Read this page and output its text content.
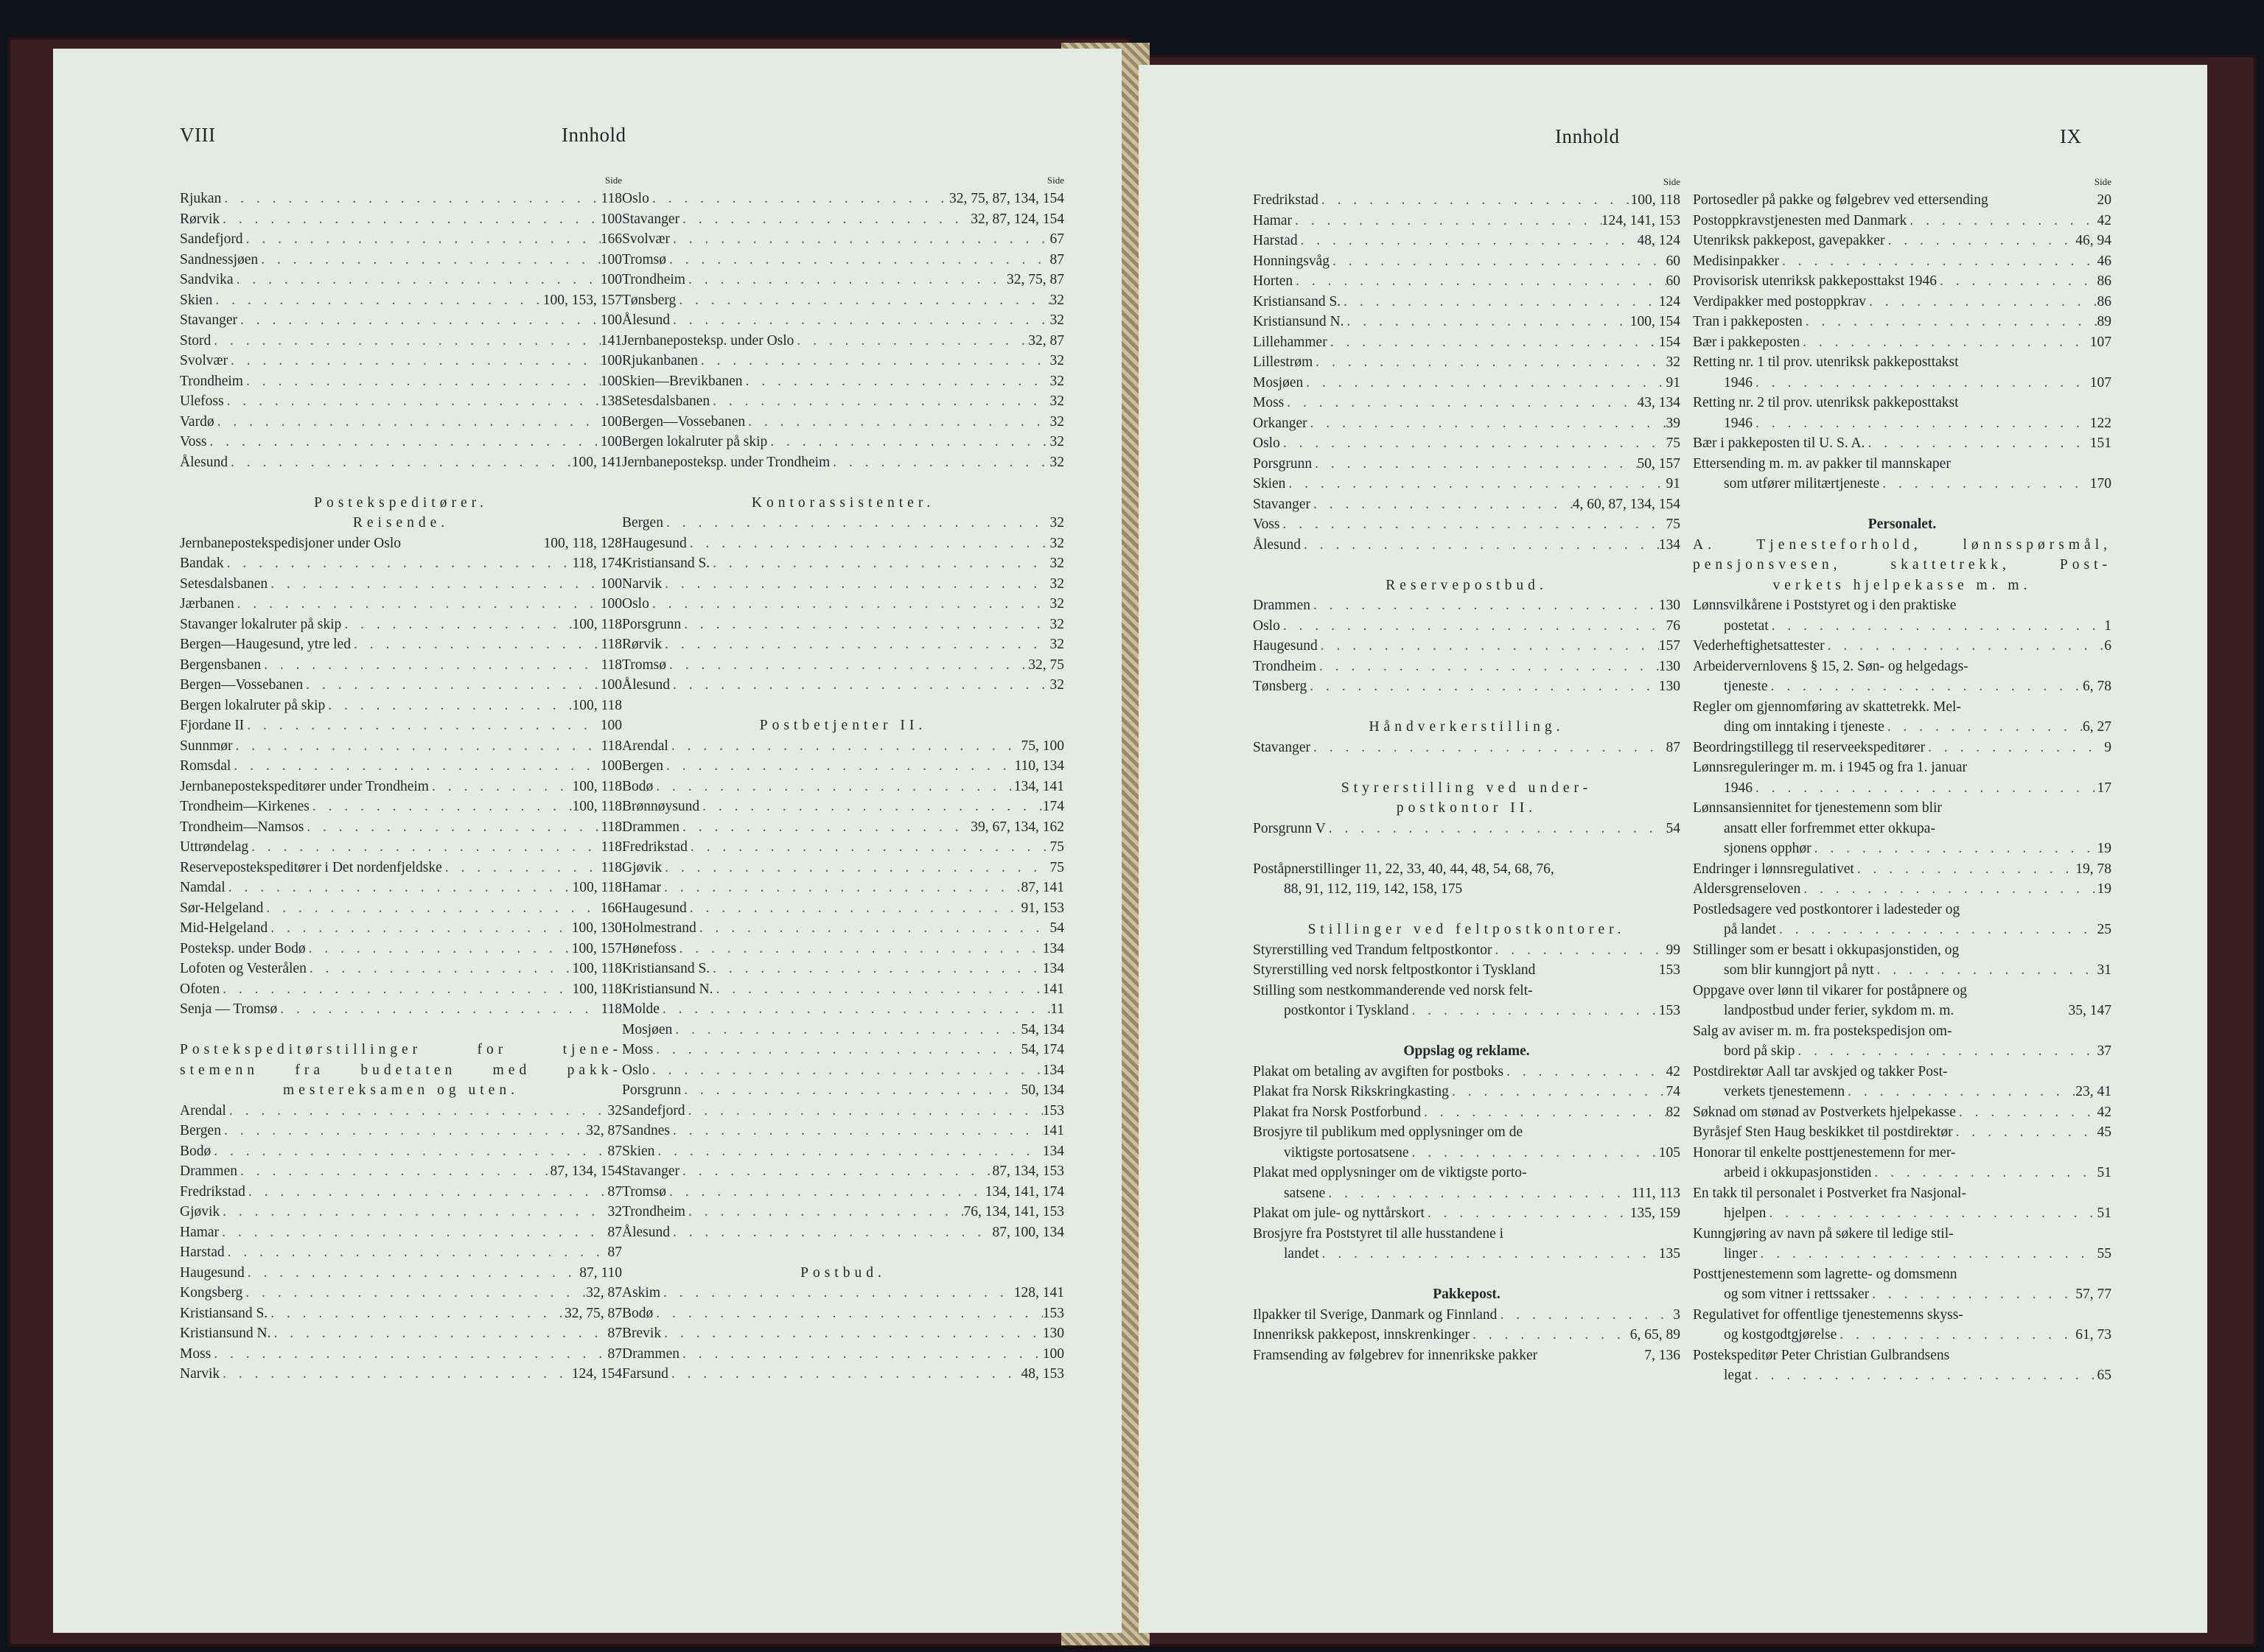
VIII	Innhold
Side
Rjukan . . .	118
Rørvik . . .	100
Sandefjord . . .	166
Sandnessjøen . . .	100
Sandvika . . .	100
Skien . . .	100, 153, 157
Stavanger . . .	100
Stord . . .	141
Svolvær . . .	100
Trondheim . . .	100
Ulefoss . . .	138
Vardø . . .	100
Voss . . .	100
Ålesund . . .	100, 141
Postekspeditører.
Reisende.
Jernbanepostekspedisjoner under Oslo	100, 118, 128
Bandak . . .	118, 174
Setesdalsbanen . . .	100
Jærbanen . . .	100
Stavanger lokalruter på skip . . .	100, 118
Bergen—Haugesund, ytre led . . .	118
Bergensbanen . . .	118
Bergen—Vossebanen . . .	100
Bergen lokalruter på skip . . .	100, 118
Fjordane II . . .	100
Sunnmør . . .	118
Romsdal . . .	100
Jernbanepostekspeditører under Trondheim . . .	100, 118
Trondheim—Kirkenes . . .	100, 118
Trondheim—Namsos . . .	118
Uttrøndelag . . .	118
Reservepostekspeditører i Det nordenfjeldske . . .	118
Namdal . . .	100, 118
Sør-Helgeland . . .	166
Mid-Helgeland . . .	100, 130
Posteksp. under Bodø . . .	100, 157
Lofoten og Vesterålen . . .	100, 118
Ofoten . . .	100, 118
Senja — Tromsø . . .	118
Postekspeditørstillinger for tjene-
stemenn fra budetaten med pakk-
mestereksamen og uten.
Arendal . . .	32
Bergen . . .	32, 87
Bodø . . .	87
Drammen . . .	87, 134, 154
Fredrikstad . . .	87
Gjøvik . . .	32
Hamar . . .	87
Harstad . . .	87
Haugesund . . .	87, 110
Kongsberg . . .	32, 87
Kristiansand S. . . .	32, 75, 87
Kristiansund N. . . .	87
Moss . . .	87
Narvik . . .	124, 154
Side
Oslo . . .	32, 75, 87, 134, 154
Stavanger . . .	32, 87, 124, 154
Svolvær . . .	67
Tromsø . . .	87
Trondheim . . .	32, 75, 87
Tønsberg . . .	32
Ålesund . . .	32
Jernbaneposteksp. under Oslo . . .	32, 87
Rjukanbanen . . .	32
Skien—Brevikbanen . . .	32
Setesdalsbanen . . .	32
Bergen—Vossebanen . . .	32
Bergen lokalruter på skip . . .	32
Jernbaneposteksp. under Trondheim . . .	32
Kontorassistenter.
Bergen . . .	32
Haugesund . . .	32
Kristiansand S. . . .	32
Narvik . . .	32
Oslo . . .	32
Porsgrunn . . .	32
Rørvik . . .	32
Tromsø . . .	32, 75
Ålesund . . .	32
Postbetjenter II.
Arendal . . .	75, 100
Bergen . . .	110, 134
Bodø . . .	134, 141
Brønnøysund . . .	174
Drammen . . .	39, 67, 134, 162
Fredrikstad . . .	75
Gjøvik . . .	75
Hamar . . .	87, 141
Haugesund . . .	91, 153
Holmestrand . . .	54
Hønefoss . . .	134
Kristiansand S. . . .	134
Kristiansund N. . . .	141
Molde . . .	11
Mosjøen . . .	54, 134
Moss . . .	54, 174
Oslo . . .	134
Porsgrunn . . .	50, 134
Sandefjord . . .	153
Sandnes . . .	141
Skien . . .	134
Stavanger . . .	87, 134, 153
Tromsø . . .	134, 141, 174
Trondheim . . .	76, 134, 141, 153
Ålesund . . .	87, 100, 134
Postbud.
Askim . . .	128, 141
Bodø . . .	153
Brevik . . .	130
Drammen . . .	100
Farsund . . .	48, 153
Innhold	IX
Side
Fredrikstad . . .	100, 118
Hamar . . .	124, 141, 153
Harstad . . .	48, 124
Honningsvåg . . .	60
Horten . . .	60
Kristiansand S. . . .	124
Kristiansund N. . . .	100, 154
Lillehammer . . .	154
Lillestrøm . . .	32
Mosjøen . . .	91
Moss . . .	43, 134
Orkanger . . .	39
Oslo . . .	75
Porsgrunn . . .	50, 157
Skien . . .	91
Stavanger . . .	4, 60, 87, 134, 154
Voss . . .	75
Ålesund . . .	134
Reservepostbud.
Drammen . . .	130
Oslo . . .	76
Haugesund . . .	157
Trondheim . . .	130
Tønsberg . . .	130
Håndverkerstilling.
Stavanger . . .	87
Styrerstilling ved under-
postkontor II.
Porsgrunn V . . .	54
Poståpnerstillinger 11, 22, 33, 40, 44, 48, 54, 68, 76,
88, 91, 112, 119, 142, 158, 175
Stillinger ved feltpostkontorer.
Styrerstilling ved Trandum feltpostkontor . . .	99
Styrerstilling ved norsk feltpostkontor i Tyskland	153
Stilling som nestkommanderende ved norsk felt-
postkontor i Tyskland . . .	153
Oppslag og reklame.
Plakat om betaling av avgiften for postboks . . .	42
Plakat fra Norsk Rikskringkasting . . .	74
Plakat fra Norsk Postforbund . . .	82
Brosjyre til publikum med opplysninger om de
viktigste portosatsene . . .	105
Plakat med opplysninger om de viktigste porto-
satsene . . .	111, 113
Plakat om jule- og nyttårskort . . .	135, 159
Brosjyre fra Poststyret til alle husstandene i
landet . . .	135
Pakkepost.
Ilpakker til Sverige, Danmark og Finnland . . .	3
Innenriksk pakkepost, innskrenkinger . . .	6, 65, 89
Framsending av følgebrev for innenrikske pakker	7, 136
Side
Portosedler på pakke og følgebrev ved ettersending	20
Postoppkravstjenesten med Danmark . . .	42
Utenriksk pakkepost, gavepakker . . .	46, 94
Medisinpakker . . .	46
Provisorisk utenriksk pakkeposttakst 1946 . . .	86
Verdipakker med postoppkrav . . .	86
Tran i pakkeposten . . .	89
Bær i pakkeposten . . .	107
Retting nr. 1 til prov. utenriksk pakkeposttakst
1946 . . .	107
Retting nr. 2 til prov. utenriksk pakkeposttakst
1946 . . .	122
Bær i pakkeposten til U. S. A. . . .	151
Ettersending m. m. av pakker til mannskaper
som utfører militærtjeneste . . .	170
Personalet.
A. Tjenesteforhold, lønnsspørsmål,
pensjonsvesen, skattetrekk, Post-
verkets hjelpekasse m. m.
Lønnsvilkårene i Poststyret og i den praktiske
postetat . . .	1
Vederheftighetsattester . . .	6
Arbeidervernlovens § 15, 2. Søn- og helgedags-
tjeneste . . .	6, 78
Regler om gjennomføring av skattetrekk. Mel-
ding om inntaking i tjeneste . . .	6, 27
Beordringstillegg til reserveekspeditører . . .	9
Lønnsreguleringer m. m. i 1945 og fra 1. januar
1946 . . .	17
Lønnsansiennitet for tjenestemenn som blir
ansatt eller forfremmet etter okkupa-
sjonens opphør . . .	19
Endringer i lønnsregulativet . . .	19, 78
Aldersgrenseloven . . .	19
Postledsagere ved postkontorer i ladesteder og
på landet . . .	25
Stillinger som er besatt i okkupasjonstiden, og
som blir kunngjort på nytt . . .	31
Oppgave over lønn til vikarer for poståpnere og
landpostbud under ferier, sykdom m. m.	35, 147
Salg av aviser m. m. fra postekspedisjon om-
bord på skip . . .	37
Postdirektør Aall tar avskjed og takker Post-
verkets tjenestemenn . . .	23, 41
Søknad om stønad av Postverkets hjelpekasse . . .	42
Byråsjef Sten Haug beskikket til postdirektør . . .	45
Honorar til enkelte posttjenestemenn for mer-
arbeid i okkupasjonstiden . . .	51
En takk til personalet i Postverket fra Nasjonal-
hjelpen . . .	51
Kunngjøring av navn på søkere til ledige stil-
linger . . .	55
Posttjenestemenn som lagrette- og domsmenn
og som vitner i rettssaker . . .	57, 77
Regulativet for offentlige tjenestemenns skyss-
og kostgodtgjørelse . . .	61, 73
Postekspeditør Peter Christian Gulbrandsens
legat . . .	65
